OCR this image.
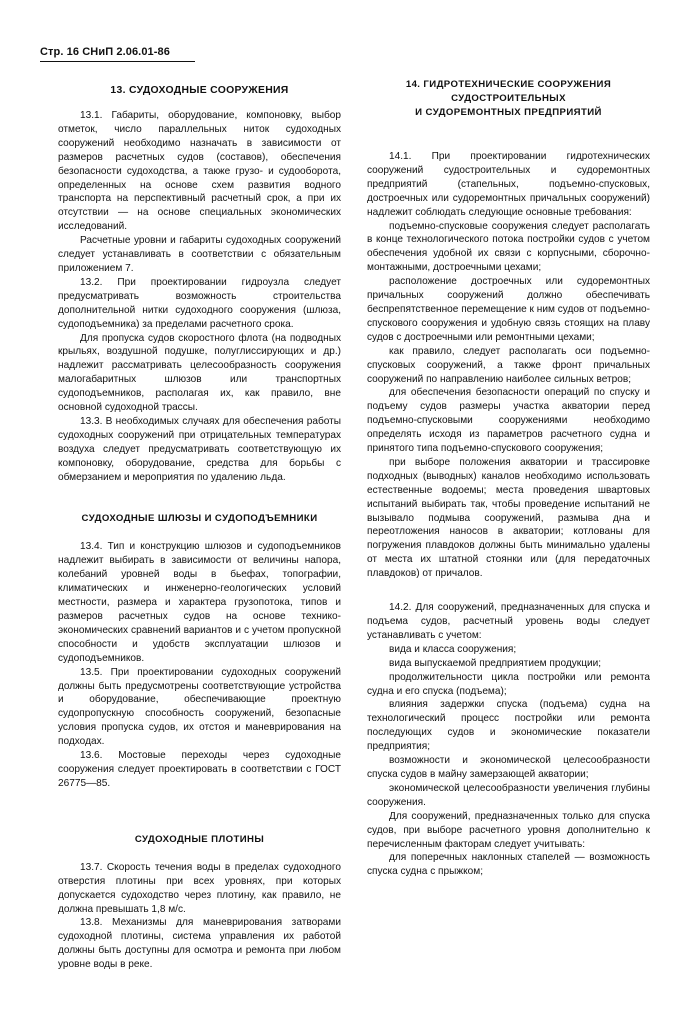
Стр. 16 СНиП 2.06.01-86
13. СУДОХОДНЫЕ СООРУЖЕНИЯ

13.1. Габариты, оборудование, компоновку, выбор отметок, число параллельных ниток судоходных сооружений необходимо назначать в зависимости от размеров расчетных судов (составов), обеспечения безопасности судоходства, а также грузо- и судооборота, определенных на основе схем развития водного транспорта на перспективный расчетный срок, а при их отсутствии — на основе специальных экономических исследований.

Расчетные уровни и габариты судоходных сооружений следует устанавливать в соответствии с обязательным приложением 7.

13.2. При проектировании гидроузла следует предусматривать возможность строительства дополнительной нитки судоходного сооружения (шлюза, судоподъемника) за пределами расчетного срока.

Для пропуска судов скоростного флота (на подводных крыльях, воздушной подушке, полуглиссирующих и др.) надлежит рассматривать целесообразность сооружения малогабаритных шлюзов или транспортных судоподъемников, располагая их, как правило, вне основной судоходной трассы.

13.3. В необходимых случаях для обеспечения работы судоходных сооружений при отрицательных температурах воздуха следует предусматривать соответствующую их компоновку, оборудование, средства для борьбы с обмерзанием и мероприятия по удалению льда.

СУДОХОДНЫЕ ШЛЮЗЫ И СУДОПОДЪЕМНИКИ

13.4. Тип и конструкцию шлюзов и судоподъемников надлежит выбирать в зависимости от величины напора, колебаний уровней воды в бьефах, топографии, климатических и инженерно-геологических условий местности, размера и характера грузопотока, типов и размеров расчетных судов на основе технико-экономических сравнений вариантов и с учетом пропускной способности и удобств эксплуатации шлюзов и судоподъемников.

13.5. При проектировании судоходных сооружений должны быть предусмотрены соответствующие устройства и оборудование, обеспечивающие проектную судопропускную способность сооружений, безопасные условия пропуска судов, их отстоя и маневрирования на подходах.

13.6. Мостовые переходы через судоходные сооружения следует проектировать в соответствии с ГОСТ 26775—85.

СУДОХОДНЫЕ ПЛОТИНЫ

13.7. Скорость течения воды в пределах судоходного отверстия плотины при всех уровнях, при которых допускается судоходство через плотину, как правило, не должна превышать 1,8 м/с.

13.8. Механизмы для маневрирования затворами судоходной плотины, система управления их работой должны быть доступны для осмотра и ремонта при любом уровне воды в реке.

14. ГИДРОТЕХНИЧЕСКИЕ СООРУЖЕНИЯ
СУДОСТРОИТЕЛЬНЫХ
И СУДОРЕМОНТНЫХ ПРЕДПРИЯТИЙ

14.1. При проектировании гидротехнических сооружений судостроительных и судоремонтных предприятий (стапельных, подъемно-спусковых, достроечных или судоремонтных причальных сооружений) надлежит соблюдать следующие основные требования:

подъемно-спусковые сооружения следует располагать в конце технологического потока постройки судов с учетом обеспечения удобной их связи с корпусными, сборочно-монтажными, достроечными цехами;

расположение достроечных или судоремонтных причальных сооружений должно обеспечивать беспрепятственное перемещение к ним судов от подъемно-спускового сооружения и удобную связь стоящих на плаву судов с достроечными или ремонтными цехами;

как правило, следует располагать оси подъемно-спусковых сооружений, а также фронт причальных сооружений по направлению наиболее сильных ветров;

для обеспечения безопасности операций по спуску и подъему судов размеры участка акватории перед подъемно-спусковыми сооружениями необходимо определять исходя из параметров расчетного судна и принятого типа подъемно-спускового сооружения;

при выборе положения акватории и трассировке подходных (выводных) каналов необходимо использовать естественные водоемы; места проведения швартовых испытаний выбирать так, чтобы проведение испытаний не вызывало подмыва сооружений, размыва дна и переотложения наносов в акватории; котлованы для погружения плавдоков должны быть минимально удалены от места их штатной стоянки или (для передаточных плавдоков) от причалов.

14.2. Для сооружений, предназначенных для спуска и подъема судов, расчетный уровень воды следует устанавливать с учетом:

вида и класса сооружения;

вида выпускаемой предприятием продукции;

продолжительности цикла постройки или ремонта судна и его спуска (подъема);

влияния задержки спуска (подъема) судна на технологический процесс постройки или ремонта последующих судов и экономические показатели предприятия;

возможности и экономической целесообразности спуска судов в майну замерзающей акватории;

экономической целесообразности увеличения глубины сооружения.

Для сооружений, предназначенных только для спуска судов, при выборе расчетного уровня дополнительно к перечисленным факторам следует учитывать:

для поперечных наклонных стапелей — возможность спуска судна с прыжком;
